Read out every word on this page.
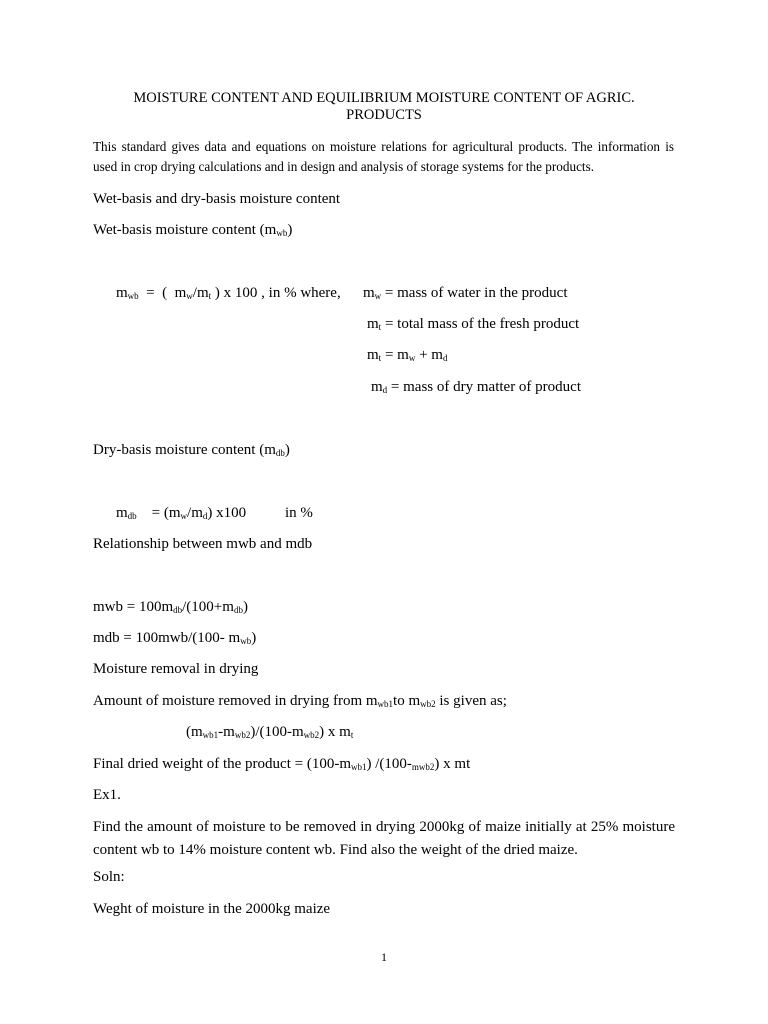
MOISTURE CONTENT AND EQUILIBRIUM MOISTURE CONTENT OF AGRIC.
PRODUCTS
This standard gives data and equations on moisture relations for agricultural products. The information is used in crop drying calculations and in design and analysis of storage systems for the products.
Wet-basis and dry-basis moisture content
Wet-basis moisture content $(m_{wb})$
$m_{wb}$  =  (  $m_w/m_t$ ) x 100 , in % where, $m_w$ = mass of water in the product
$m_t$ = total mass of the fresh product
$m_t = m_w + m_d$
$m_d$ = mass of dry matter of product
Dry-basis moisture content $(m_{db})$
$m_{db}$    = $(m_w/m_d)$ x100	in %
Relationship between mwb and mdb
mwb = $100m_{db}/(100+m_{db})$
mdb = 100mwb/(100- $m_{wb}$)
Moisture removal in drying
Amount of moisture removed in drying from $m_{wb1}to$ $m_{wb2}$ is given as;
$(m_{wb1}-m_{wb2})/(100-m_{wb2})$ x $m_t$
Final dried weight of the product = $(100-m_{wb1})$ $/(100-_{mwb2})$ x mt
Ex1.
Find the amount of moisture to be removed in drying 2000kg of maize initially at 25% moisture content wb to 14% moisture content wb. Find also the weight of the dried maize.
Soln:
Weght of moisture in the 2000kg maize
1
